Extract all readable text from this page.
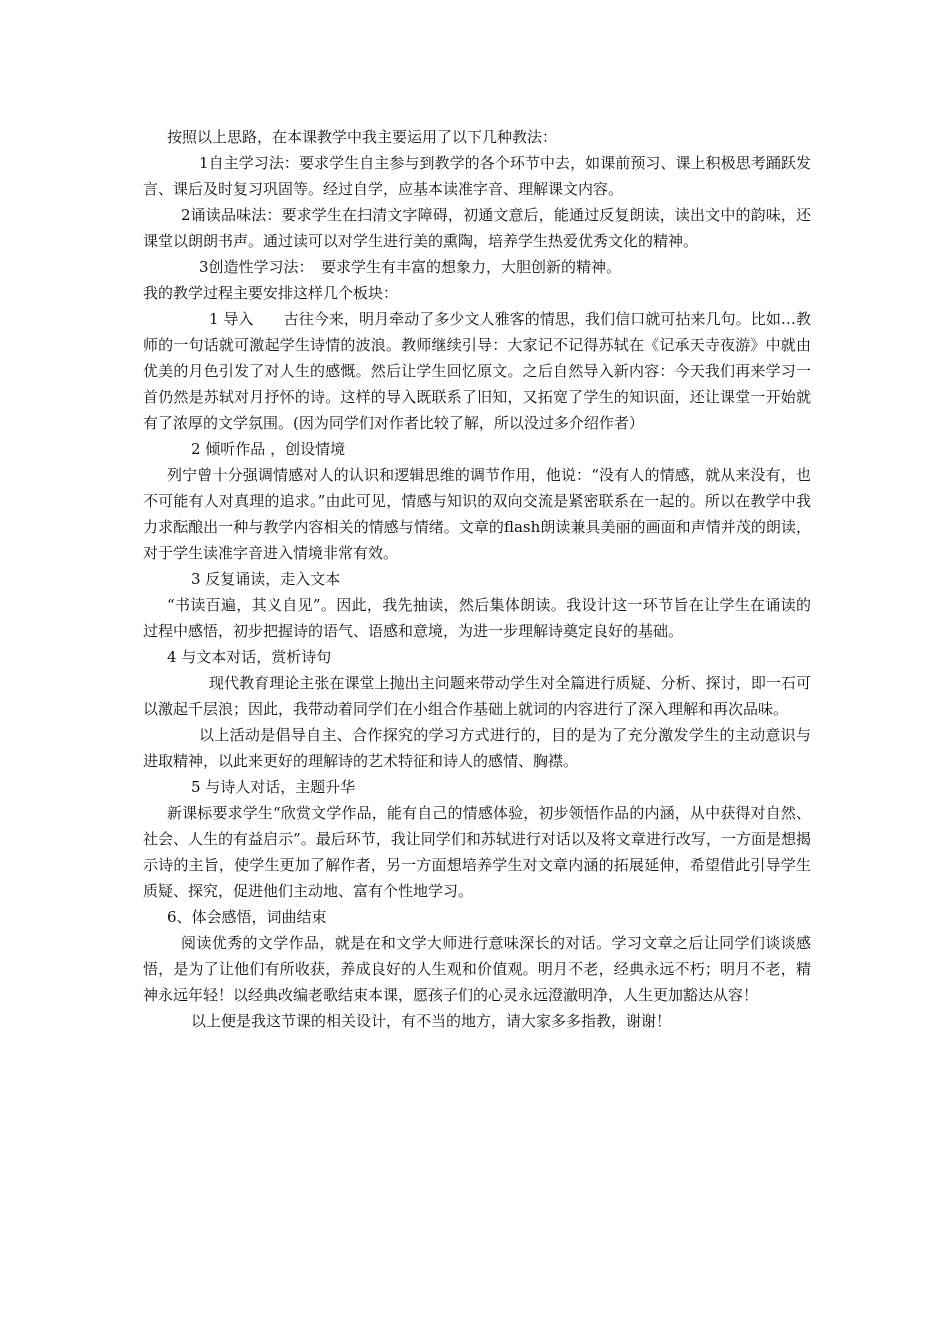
按照以上思路，在本课教学中我主要运用了以下几种教法：

1自主学习法：要求学生自主参与到教学的各个环节中去，如课前预习、课上积极思考踊跃发言、课后及时复习巩固等。经过自学，应基本读准字音、理解课文内容。

2诵读品味法：要求学生在扫清文字障碍，初通文意后，能通过反复朗读，读出文中的韵味，还课堂以朗朗书声。通过读可以对学生进行美的熏陶，培养学生热爱优秀文化的精神。

3创造性学习法：　要求学生有丰富的想象力，大胆创新的精神。

我的教学过程主要安排这样几个板块：

1 导入　　古往今来，明月牵动了多少文人雅客的情思，我们信口就可拈来几句。比如…教师的一句话就可激起学生诗情的波浪。教师继续引导：大家记不记得苏轼在《记承天寺夜游》中就由优美的月色引发了对人生的感慨。然后让学生回忆原文。之后自然导入新内容：今天我们再来学习一首仍然是苏轼对月抒怀的诗。这样的导入既联系了旧知，又拓宽了学生的知识面，还让课堂一开始就有了浓厚的文学氛围。(因为同学们对作者比较了解，所以没过多介绍作者）

2 倾听作品 ，创设情境

列宁曾十分强调情感对人的认识和逻辑思维的调节作用，他说：“没有人的情感，就从来没有，也不可能有人对真理的追求。”由此可见，情感与知识的双向交流是紧密联系在一起的。所以在教学中我力求酝酿出一种与教学内容相关的情感与情绪。文章的flash朗读兼具美丽的画面和声情并茂的朗读，对于学生读准字音进入情境非常有效。

3 反复诵读，走入文本

“书读百遍，其义自见”。因此，我先抽读，然后集体朗读。我设计这一环节旨在让学生在诵读的过程中感悟，初步把握诗的语气、语感和意境，为进一步理解诗奠定良好的基础。

4 与文本对话，赏析诗句

现代教育理论主张在课堂上抛出主问题来带动学生对全篇进行质疑、分析、探讨，即一石可以激起千层浪；因此，我带动着同学们在小组合作基础上就词的内容进行了深入理解和再次品味。

以上活动是倡导自主、合作探究的学习方式进行的，目的是为了充分激发学生的主动意识与进取精神，以此来更好的理解诗的艺术特征和诗人的感情、胸襟。

5 与诗人对话，主题升华

新课标要求学生“欣赏文学作品，能有自己的情感体验，初步领悟作品的内涵，从中获得对自然、社会、人生的有益启示”。最后环节，我让同学们和苏轼进行对话以及将文章进行改写，一方面是想揭示诗的主旨，使学生更加了解作者，另一方面想培养学生对文章内涵的拓展延伸，希望借此引导学生质疑、探究，促进他们主动地、富有个性地学习。

6、体会感悟，词曲结束

阅读优秀的文学作品，就是在和文学大师进行意味深长的对话。学习文章之后让同学们谈谈感悟，是为了让他们有所收获，养成良好的人生观和价值观。明月不老，经典永远不朽；明月不老，精神永远年轻！以经典改编老歌结束本课，愿孩子们的心灵永远澄澈明净，人生更加豁达从容！

以上便是我这节课的相关设计，有不当的地方，请大家多多指教，谢谢！
